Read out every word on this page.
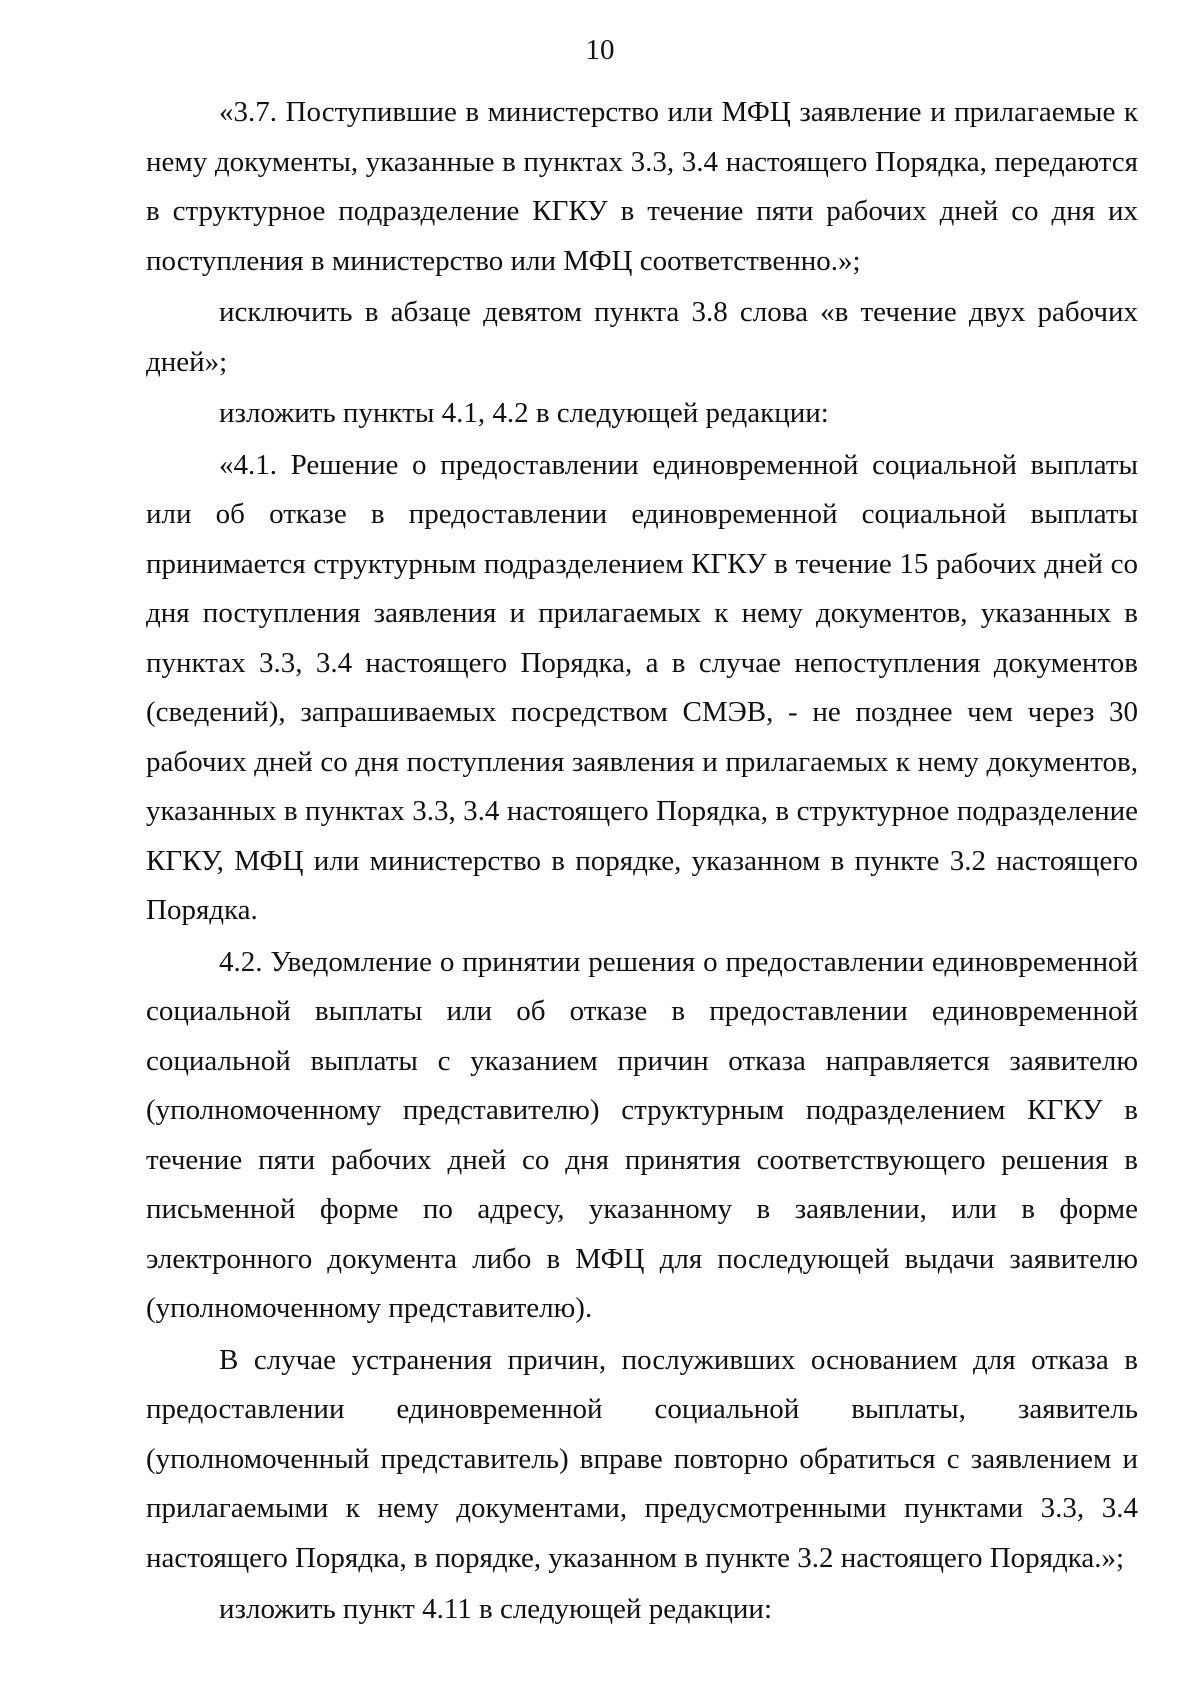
10

«3.7. Поступившие в министерство или МФЦ заявление и прилагаемые к нему документы, указанные в пунктах 3.3, 3.4 настоящего Порядка, передаются в структурное подразделение КГКУ в течение пяти рабочих дней со дня их поступления в министерство или МФЦ соответственно.»;

исключить в абзаце девятом пункта 3.8 слова «в течение двух рабочих дней»;

изложить пункты 4.1, 4.2 в следующей редакции:

«4.1. Решение о предоставлении единовременной социальной выплаты или об отказе в предоставлении единовременной социальной выплаты принимается структурным подразделением КГКУ в течение 15 рабочих дней со дня поступления заявления и прилагаемых к нему документов, указанных в пунктах 3.3, 3.4 настоящего Порядка, а в случае непоступления документов (сведений), запрашиваемых посредством СМЭВ, - не позднее чем через 30 рабочих дней со дня поступления заявления и прилагаемых к нему документов, указанных в пунктах 3.3, 3.4 настоящего Порядка, в структурное подразделение КГКУ, МФЦ или министерство в порядке, указанном в пункте 3.2 настоящего Порядка.

4.2. Уведомление о принятии решения о предоставлении единовременной социальной выплаты или об отказе в предоставлении единовременной социальной выплаты с указанием причин отказа направляется заявителю (уполномоченному представителю) структурным подразделением КГКУ в течение пяти рабочих дней со дня принятия соответствующего решения в письменной форме по адресу, указанному в заявлении, или в форме электронного документа либо в МФЦ для последующей выдачи заявителю (уполномоченному представителю).

В случае устранения причин, послуживших основанием для отказа в предоставлении единовременной социальной выплаты, заявитель (уполномоченный представитель) вправе повторно обратиться с заявлением и прилагаемыми к нему документами, предусмотренными пунктами 3.3, 3.4 настоящего Порядка, в порядке, указанном в пункте 3.2 настоящего Порядка.»;

изложить пункт 4.11 в следующей редакции:
